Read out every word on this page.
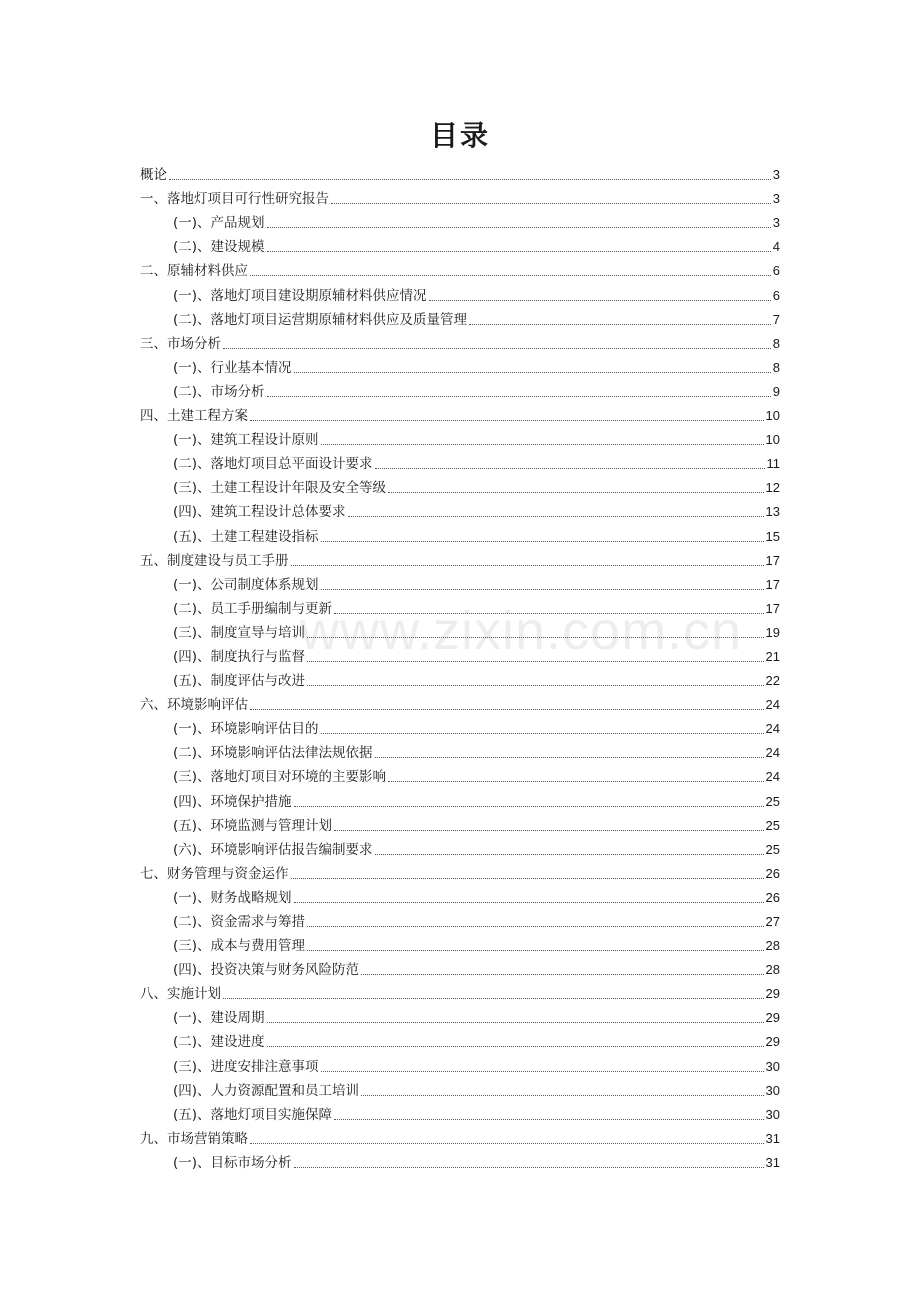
www.zixin.com.cn
目录
概论	3
一、落地灯项目可行性研究报告	3
(一)、产品规划	3
(二)、建设规模	4
二、原辅材料供应	6
(一)、落地灯项目建设期原辅材料供应情况	6
(二)、落地灯项目运营期原辅材料供应及质量管理	7
三、市场分析	8
(一)、行业基本情况	8
(二)、市场分析	9
四、土建工程方案	10
(一)、建筑工程设计原则	10
(二)、落地灯项目总平面设计要求	11
(三)、土建工程设计年限及安全等级	12
(四)、建筑工程设计总体要求	13
(五)、土建工程建设指标	15
五、制度建设与员工手册	17
(一)、公司制度体系规划	17
(二)、员工手册编制与更新	17
(三)、制度宣导与培训	19
(四)、制度执行与监督	21
(五)、制度评估与改进	22
六、环境影响评估	24
(一)、环境影响评估目的	24
(二)、环境影响评估法律法规依据	24
(三)、落地灯项目对环境的主要影响	24
(四)、环境保护措施	25
(五)、环境监测与管理计划	25
(六)、环境影响评估报告编制要求	25
七、财务管理与资金运作	26
(一)、财务战略规划	26
(二)、资金需求与筹措	27
(三)、成本与费用管理	28
(四)、投资决策与财务风险防范	28
八、实施计划	29
(一)、建设周期	29
(二)、建设进度	29
(三)、进度安排注意事项	30
(四)、人力资源配置和员工培训	30
(五)、落地灯项目实施保障	30
九、市场营销策略	31
(一)、目标市场分析	31
